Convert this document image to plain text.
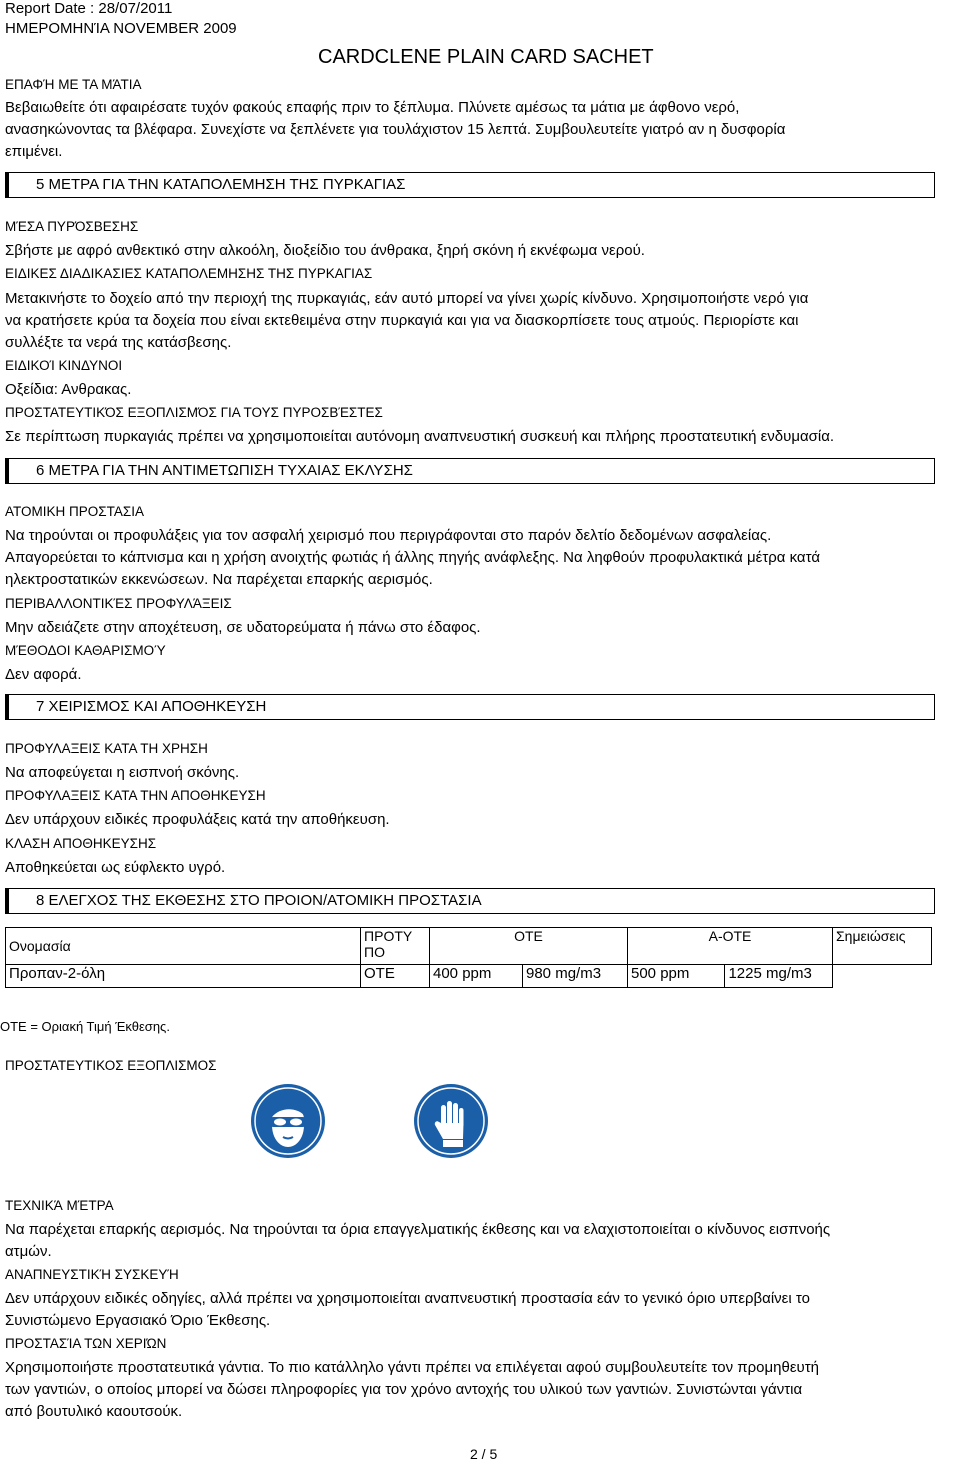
Report Date : 28/07/2011
ΗΜΕΡΟΜΗΝΊΑ NOVEMBER 2009
CARDCLENE PLAIN CARD SACHET
ΕΠΑΦΉ ΜΕ ΤΑ ΜΆΤΙΑ
Βεβαιωθείτε ότι αφαιρέσατε τυχόν φακούς επαφής πριν το ξέπλυμα. Πλύνετε αμέσως τα μάτια με άφθονο νερό,
ανασηκώνοντας τα βλέφαρα. Συνεχίστε να ξεπλένετε για τουλάχιστον 15 λεπτά. Συμβουλευτείτε γιατρό αν η δυσφορία
επιμένει.
5 ΜΕΤΡΑ ΓΙΑ ΤΗΝ ΚΑΤΑΠΟΛΕΜΗΣΗ ΤΗΣ ΠΥΡΚΑΓΙΑΣ
ΜΈΣΑ ΠΥΡΌΣΒΕΣΗΣ
Σβήστε με αφρό ανθεκτικό στην αλκοόλη, διοξείδιο του άνθρακα, ξηρή σκόνη ή εκνέφωμα νερού.
ΕΙΔΙΚΕΣ ΔΙΑΔΙΚΑΣΙΕΣ ΚΑΤΑΠΟΛΕΜΗΣΗΣ ΤΗΣ ΠΥΡΚΑΓΙΑΣ
Μετακινήστε το δοχείο από την περιοχή της πυρκαγιάς, εάν αυτό μπορεί να γίνει χωρίς κίνδυνο. Χρησιμοποιήστε νερό για
να κρατήσετε κρύα τα δοχεία που είναι εκτεθειμένα στην πυρκαγιά και για να διασκορπίσετε τους ατμούς. Περιορίστε και
συλλέξτε τα νερά της κατάσβεσης.
ΕΙΔΙΚΟΊ ΚΙΝΔΥΝΟΙ
Οξείδια: Ανθρακας.
ΠΡΟΣΤΑΤΕΥΤΙΚΌΣ ΕΞΟΠΛΙΣΜΌΣ ΓΙΑ ΤΟΥΣ ΠΥΡΟΣΒΈΣΤΕΣ
Σε περίπτωση πυρκαγιάς πρέπει να χρησιμοποιείται αυτόνομη αναπνευστική συσκευή και πλήρης προστατευτική ενδυμασία.
6 ΜΕΤΡΑ ΓΙΑ ΤΗΝ ΑΝΤΙΜΕΤΩΠΙΣΗ ΤΥΧΑΙΑΣ ΕΚΛΥΣΗΣ
ΑΤΟΜΙΚΗ ΠΡΟΣΤΑΣΙΑ
Να τηρούνται οι προφυλάξεις για τον ασφαλή χειρισμό που περιγράφονται στο παρόν δελτίο δεδομένων ασφαλείας.
Απαγορεύεται το κάπνισμα και η χρήση ανοιχτής φωτιάς ή άλλης πηγής ανάφλεξης. Να ληφθούν προφυλακτικά μέτρα κατά
ηλεκτροστατικών εκκενώσεων. Να παρέχεται επαρκής αερισμός.
ΠΕΡΙΒΑΛΛΟΝΤΙΚΈΣ ΠΡΟΦΥΛΆΞΕΙΣ
Μην αδειάζετε στην αποχέτευση, σε υδατορεύματα ή πάνω στο έδαφος.
ΜΈΘΟΔΟΙ ΚΑΘΑΡΙΣΜΟΎ
Δεν αφορά.
7 ΧΕΙΡΙΣΜΟΣ ΚΑΙ ΑΠΟΘΗΚΕΥΣΗ
ΠΡΟΦΥΛΑΞΕΙΣ ΚΑΤΑ ΤΗ ΧΡΗΣΗ
Να αποφεύγεται η εισπνοή σκόνης.
ΠΡΟΦΥΛΑΞΕΙΣ ΚΑΤΑ ΤΗΝ ΑΠΟΘΗΚΕΥΣΗ
Δεν υπάρχουν ειδικές προφυλάξεις κατά την αποθήκευση.
ΚΛΑΣΗ ΑΠΟΘΗΚΕΥΣΗΣ
Αποθηκεύεται ως εύφλεκτο υγρό.
8 ΕΛΕΓΧΟΣ ΤΗΣ ΕΚΘΕΣΗΣ ΣΤΟ ΠΡΟΙΟΝ/ΑΤΟΜΙΚΗ ΠΡΟΣΤΑΣΙΑ
Ονομασία	ΠΡΟΤΥ ΠΟ	ΟΤΕ		Α-ΟΤΕ		Σημειώσεις
Προπαν-2-όλη	ΟΤΕ	400 ppm	980 mg/m3	500 ppm	1225 mg/m3	
ΟΤΕ = Οριακή Τιμή Έκθεσης.
ΠΡΟΣΤΑΤΕΥΤΙΚΟΣ ΕΞΟΠΛΙΣΜΟΣ
ΤΕΧΝΙΚΆ ΜΈΤΡΑ
Να παρέχεται επαρκής αερισμός. Να τηρούνται τα όρια επαγγελματικής έκθεσης και να ελαχιστοποιείται ο κίνδυνος εισπνοής
ατμών.
ΑΝΑΠΝΕΥΣΤΙΚΉ ΣΥΣΚΕΥΉ
Δεν υπάρχουν ειδικές οδηγίες, αλλά πρέπει να χρησιμοποιείται αναπνευστική προστασία εάν το γενικό όριο υπερβαίνει το
Συνιστώμενο Εργασιακό Όριο Έκθεσης.
ΠΡΟΣΤΑΣΊΑ ΤΩΝ ΧΕΡΙΏΝ
Χρησιμοποιήστε προστατευτικά γάντια. Το πιο κατάλληλο γάντι πρέπει να επιλέγεται αφού συμβουλευτείτε τον προμηθευτή
των γαντιών, ο οποίος μπορεί να δώσει πληροφορίες για τον χρόνο αντοχής του υλικού των γαντιών. Συνιστώνται γάντια
από βουτυλικό καουτσούκ.
2 / 5
